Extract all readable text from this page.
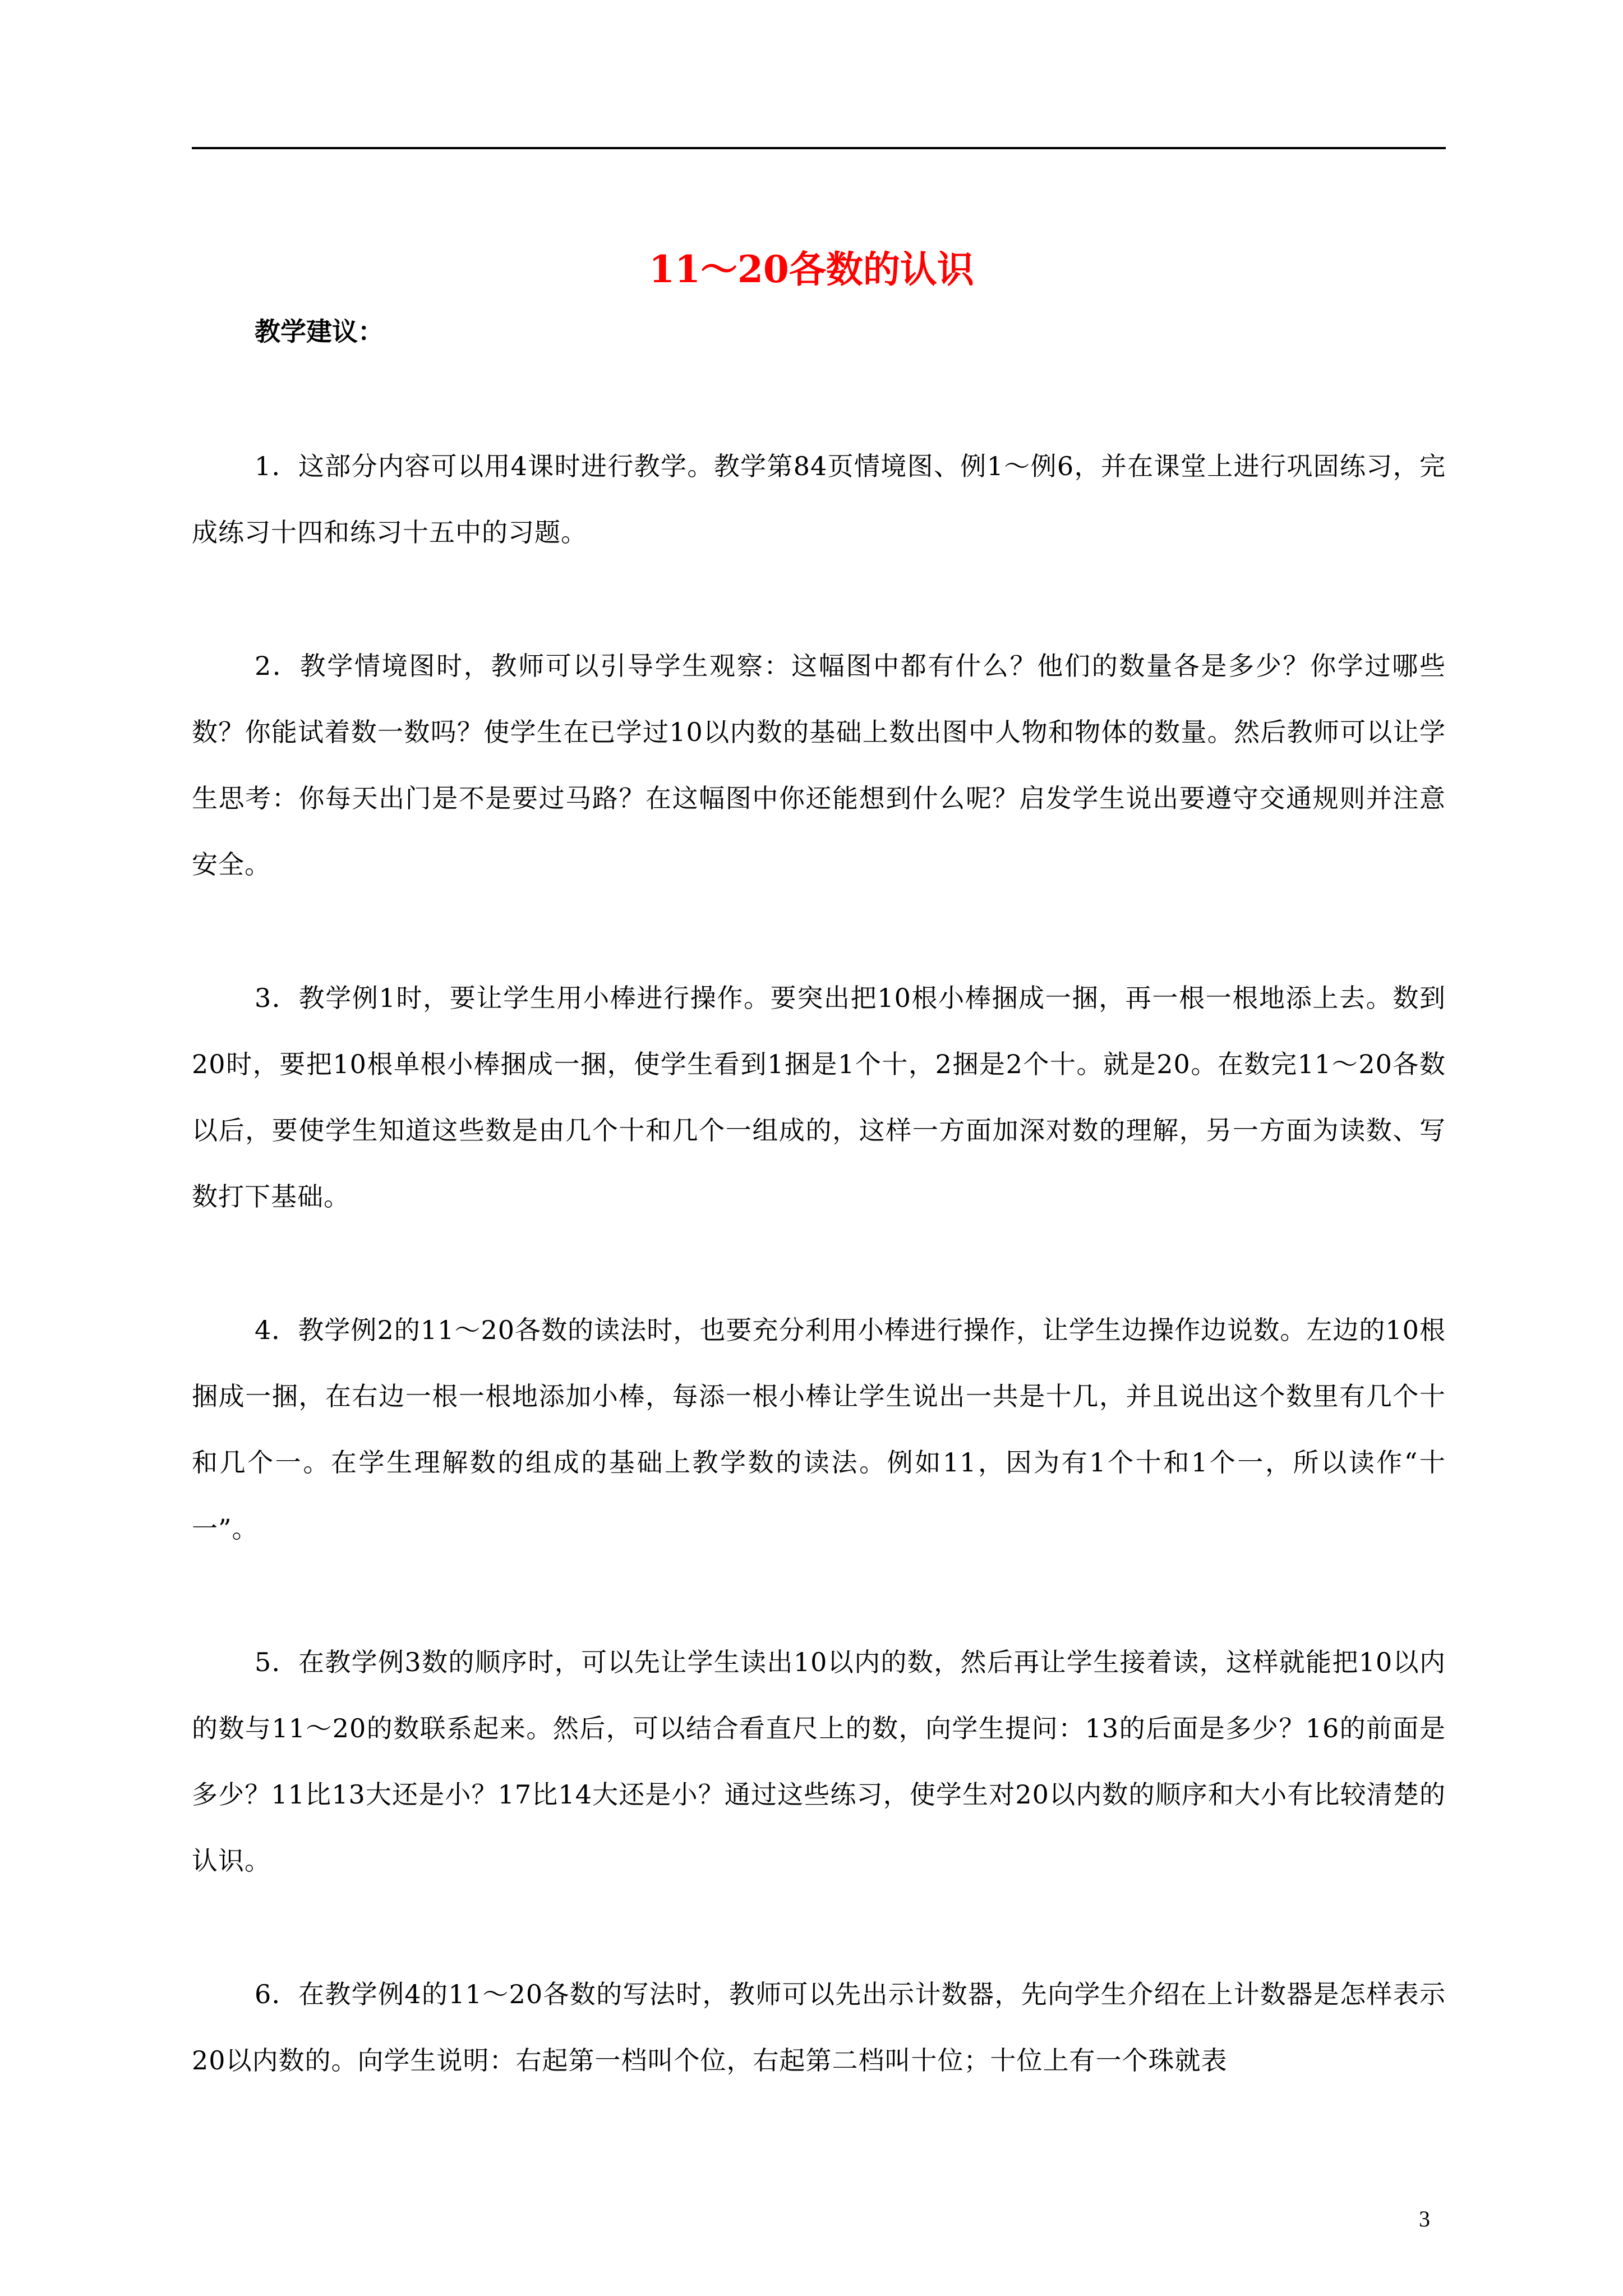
11～20各数的认识
教学建议：
1．这部分内容可以用4课时进行教学。教学第84页情境图、例1～例6，并在课堂上进行巩固练习，完成练习十四和练习十五中的习题。
2．教学情境图时，教师可以引导学生观察：这幅图中都有什么？他们的数量各是多少？你学过哪些数？你能试着数一数吗？使学生在已学过10以内数的基础上数出图中人物和物体的数量。然后教师可以让学生思考：你每天出门是不是要过马路？在这幅图中你还能想到什么呢？启发学生说出要遵守交通规则并注意安全。
3．教学例1时，要让学生用小棒进行操作。要突出把10根小棒捆成一捆，再一根一根地添上去。数到20时，要把10根单根小棒捆成一捆，使学生看到1捆是1个十，2捆是2个十。就是20。在数完11～20各数以后，要使学生知道这些数是由几个十和几个一组成的，这样一方面加深对数的理解，另一方面为读数、写数打下基础。
4．教学例2的11～20各数的读法时，也要充分利用小棒进行操作，让学生边操作边说数。左边的10根捆成一捆，在右边一根一根地添加小棒，每添一根小棒让学生说出一共是十几，并且说出这个数里有几个十和几个一。在学生理解数的组成的基础上教学数的读法。例如11，因为有1个十和1个一，所以读作“十一”。
5．在教学例3数的顺序时，可以先让学生读出10以内的数，然后再让学生接着读，这样就能把10以内的数与11～20的数联系起来。然后，可以结合看直尺上的数，向学生提问：13的后面是多少？16的前面是多少？11比13大还是小？17比14大还是小？通过这些练习，使学生对20以内数的顺序和大小有比较清楚的认识。
6．在教学例4的11～20各数的写法时，教师可以先出示计数器，先向学生介绍在上计数器是怎样表示20以内数的。向学生说明：右起第一档叫个位，右起第二档叫十位；十位上有一个珠就表
3
